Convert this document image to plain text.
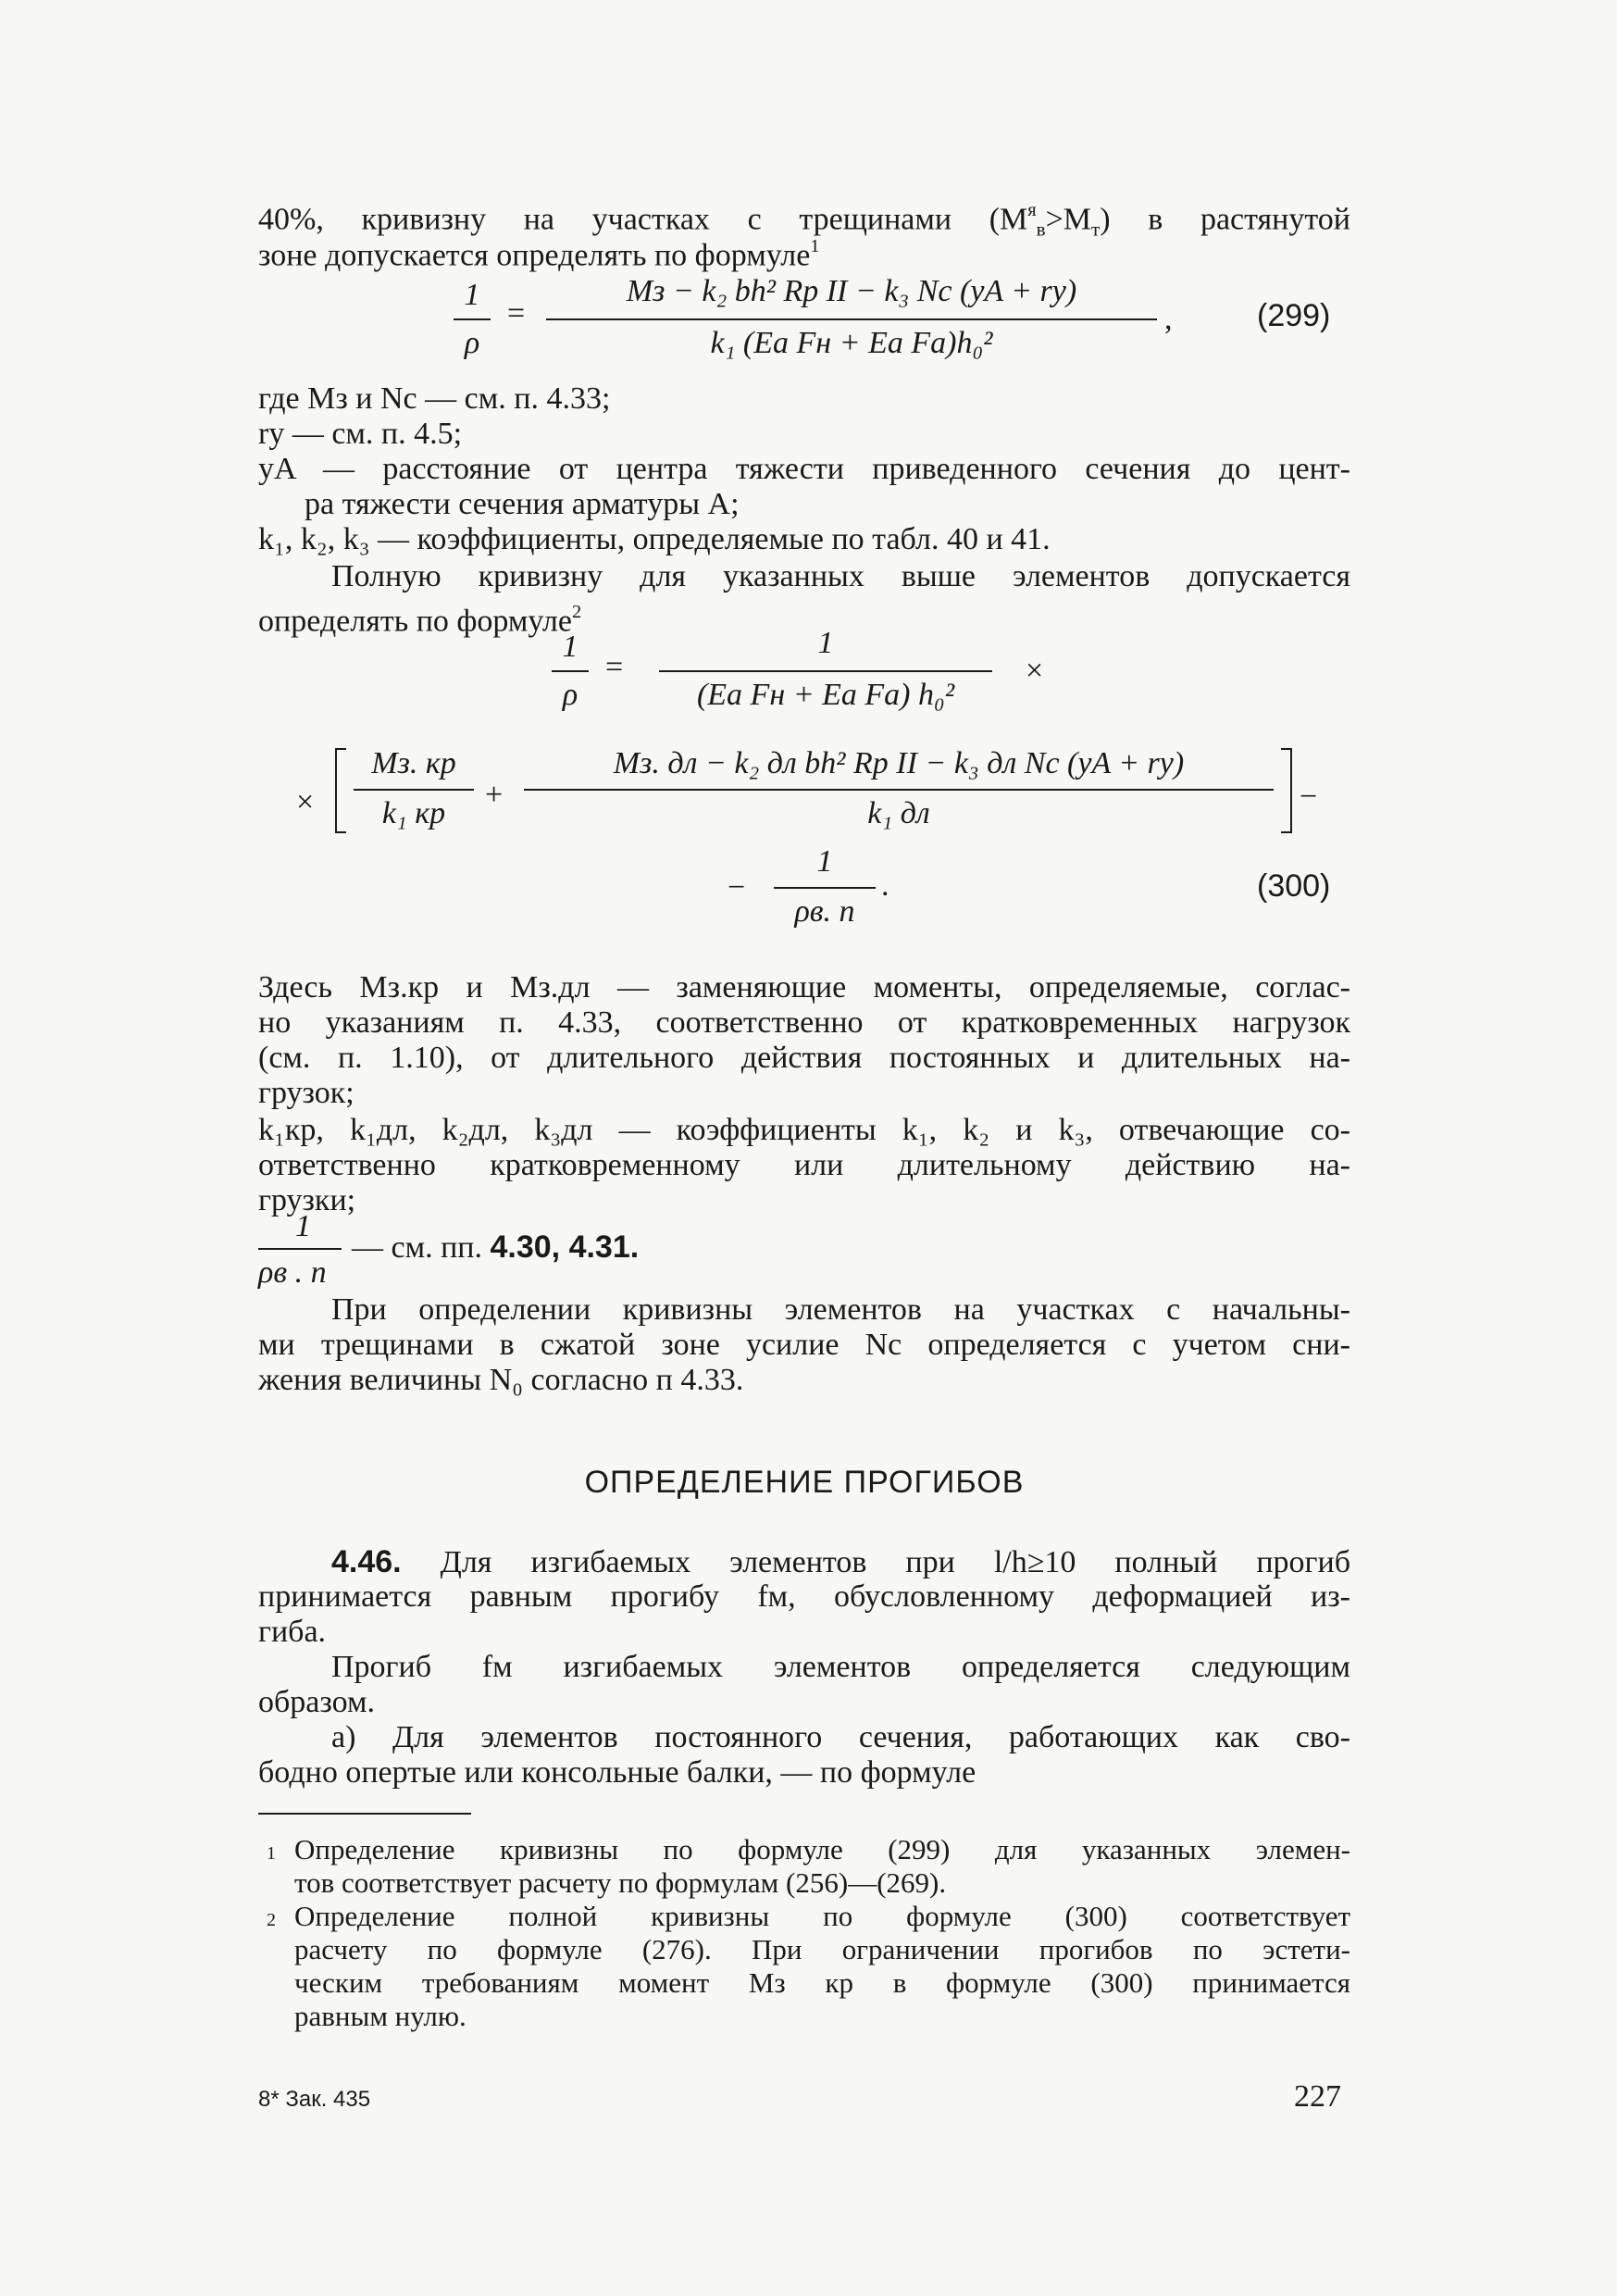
40%, кривизну на участках с трещинами $(M^я_в>M_т)$ в растянутой
зоне допускается определять по формуле$^1$
1
ρ
=
Mз − k₂ bh² Rp II − k₃ Nc (yA + ry)
k₁ (Eа Fн + Eа Fа)h₀²
,	(299)
где Mз и Nc — см. п. 4.33;
ry — см. п. 4.5;
yA — расстояние от центра тяжести приведенного сечения до цент-
ра тяжести сечения арматуры A;
k₁, k₂, k₃ — коэффициенты, определяемые по табл. 40 и 41.
Полную кривизну для указанных выше элементов допускается
определять по формуле$^2$
1
ρ
=
1
(Eа Fн + Eа Fа) h₀²
×
×
Mз. кр
k₁ кр
+
Mз. дл − k₂ дл bh² Rp II − k₃ дл Nc (yA + ry)
k₁ дл	−
−
1
ρв. п
.	(300)
Здесь Mз.кр и Mз.дл — заменяющие моменты, определяемые, соглас-
но указаниям п. 4.33, соответственно от кратковременных нагрузок
(см. п. 1.10), от длительного действия постоянных и длительных на-
грузок;
k₁кр, k₁дл, k₂дл, k₃дл — коэффициенты k₁, k₂ и k₃, отвечающие со-
ответственно кратковременному или длительному действию на-
грузки;
1
ρв . п
— см. пп. 4.30, 4.31.
При определении кривизны элементов на участках с начальны-
ми трещинами в сжатой зоне усилие Nc определяется с учетом сни-
жения величины N₀ согласно п 4.33.
ОПРЕДЕЛЕНИЕ ПРОГИБОВ
4.46. Для изгибаемых элементов при l/h≥10 полный прогиб
принимается равным прогибу fм, обусловленному деформацией из-
гиба.
Прогиб fм изгибаемых элементов определяется следующим
образом.
а) Для элементов постоянного сечения, работающих как сво-
бодно опертые или консольные балки, — по формуле
1 Определение кривизны по формуле (299) для указанных элемен-
тов соответствует расчету по формулам (256)—(269).
2 Определение полной кривизны по формуле (300) соответствует
расчету по формуле (276). При ограничении прогибов по эстети-
ческим требованиям момент Mз кр в формуле (300) принимается
равным нулю.
8* Зак. 435	227
